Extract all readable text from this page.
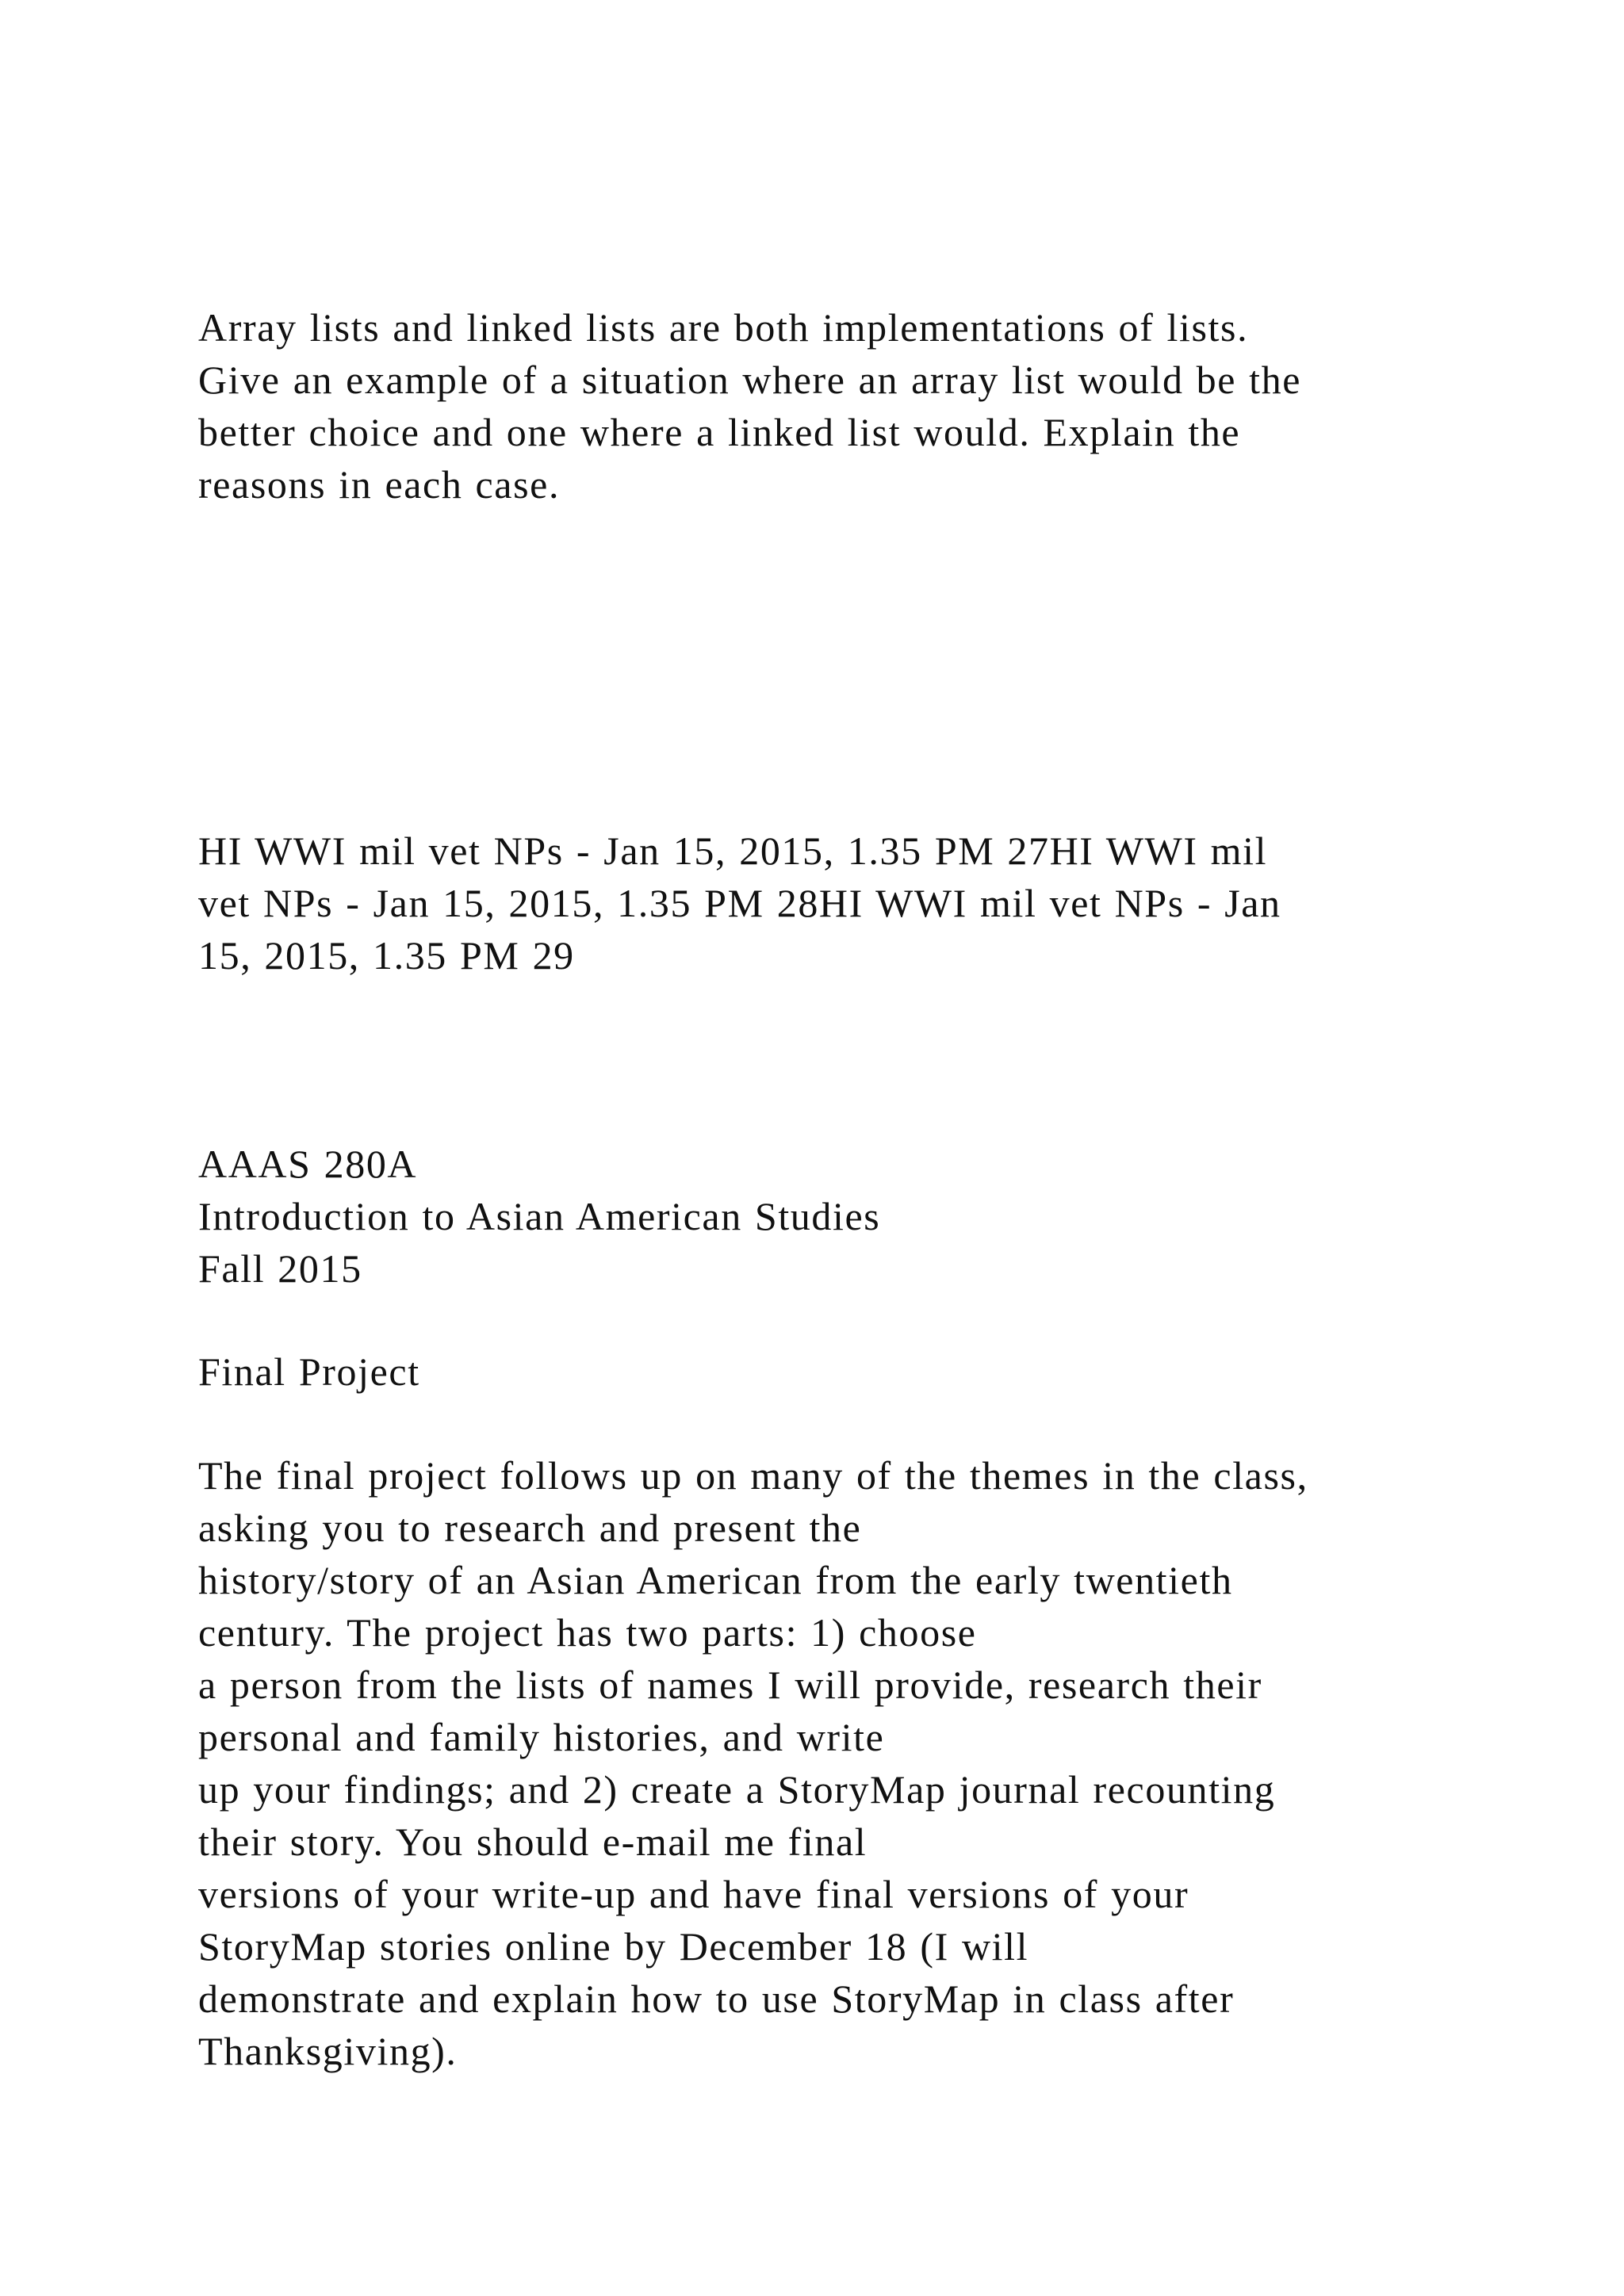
Array lists and linked lists are both implementations of lists.

Give an example of a situation where an array list would be the

better choice and one where a linked list would. Explain the

reasons in each case.

HI WWI mil vet NPs - Jan 15, 2015, 1.35 PM 27HI WWI mil

vet NPs - Jan 15, 2015, 1.35 PM 28HI WWI mil vet NPs - Jan

15, 2015, 1.35 PM 29

AAAS 280A

Introduction to Asian American Studies

Fall 2015

Final Project

The final project follows up on many of the themes in the class,

asking you to research and present the

history/story of an Asian American from the early twentieth

century. The project has two parts: 1) choose

a person from the lists of names I will provide, research their

personal and family histories, and write

up your findings; and 2) create a StoryMap journal recounting

their story. You should e-mail me final

versions of your write-up and have final versions of your

StoryMap stories online by December 18 (I will

demonstrate and explain how to use StoryMap in class after

Thanksgiving).
